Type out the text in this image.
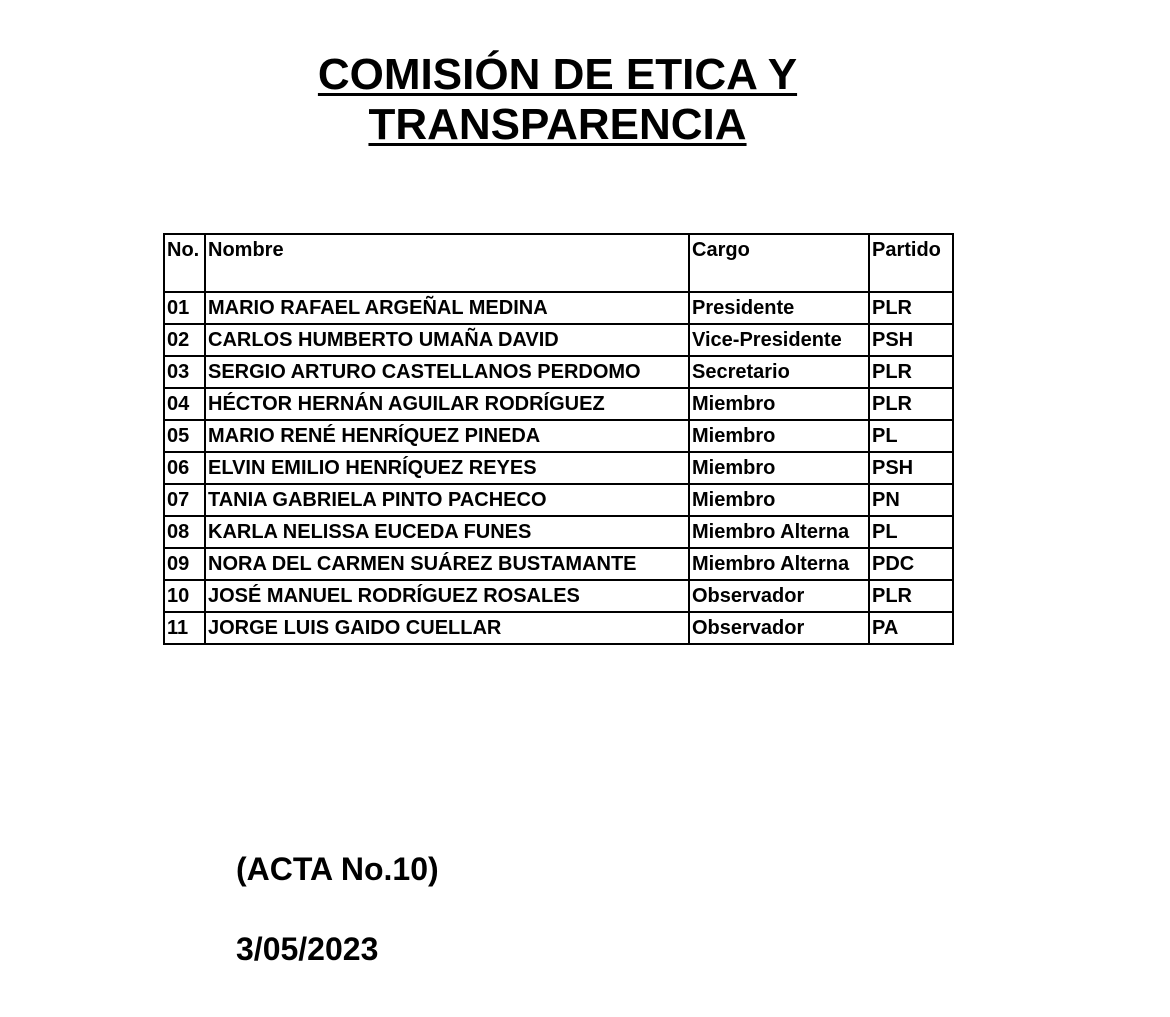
COMISIÓN DE ETICA Y
TRANSPARENCIA
No.	Nombre	Cargo	Partido
01	MARIO RAFAEL ARGEÑAL MEDINA	Presidente	PLR
02	CARLOS HUMBERTO UMAÑA DAVID	Vice-Presidente	PSH
03	SERGIO ARTURO CASTELLANOS PERDOMO	Secretario	PLR
04	HÉCTOR HERNÁN AGUILAR RODRÍGUEZ	Miembro	PLR
05	MARIO RENÉ HENRÍQUEZ PINEDA	Miembro	PL
06	ELVIN EMILIO HENRÍQUEZ REYES	Miembro	PSH
07	TANIA GABRIELA PINTO PACHECO	Miembro	PN
08	KARLA NELISSA EUCEDA FUNES	Miembro Alterna	PL
09	NORA DEL CARMEN SUÁREZ BUSTAMANTE	Miembro Alterna	PDC
10	JOSÉ MANUEL RODRÍGUEZ ROSALES	Observador	PLR
11	JORGE LUIS GAIDO CUELLAR	Observador	PA
(ACTA No.10)
3/05/2023
